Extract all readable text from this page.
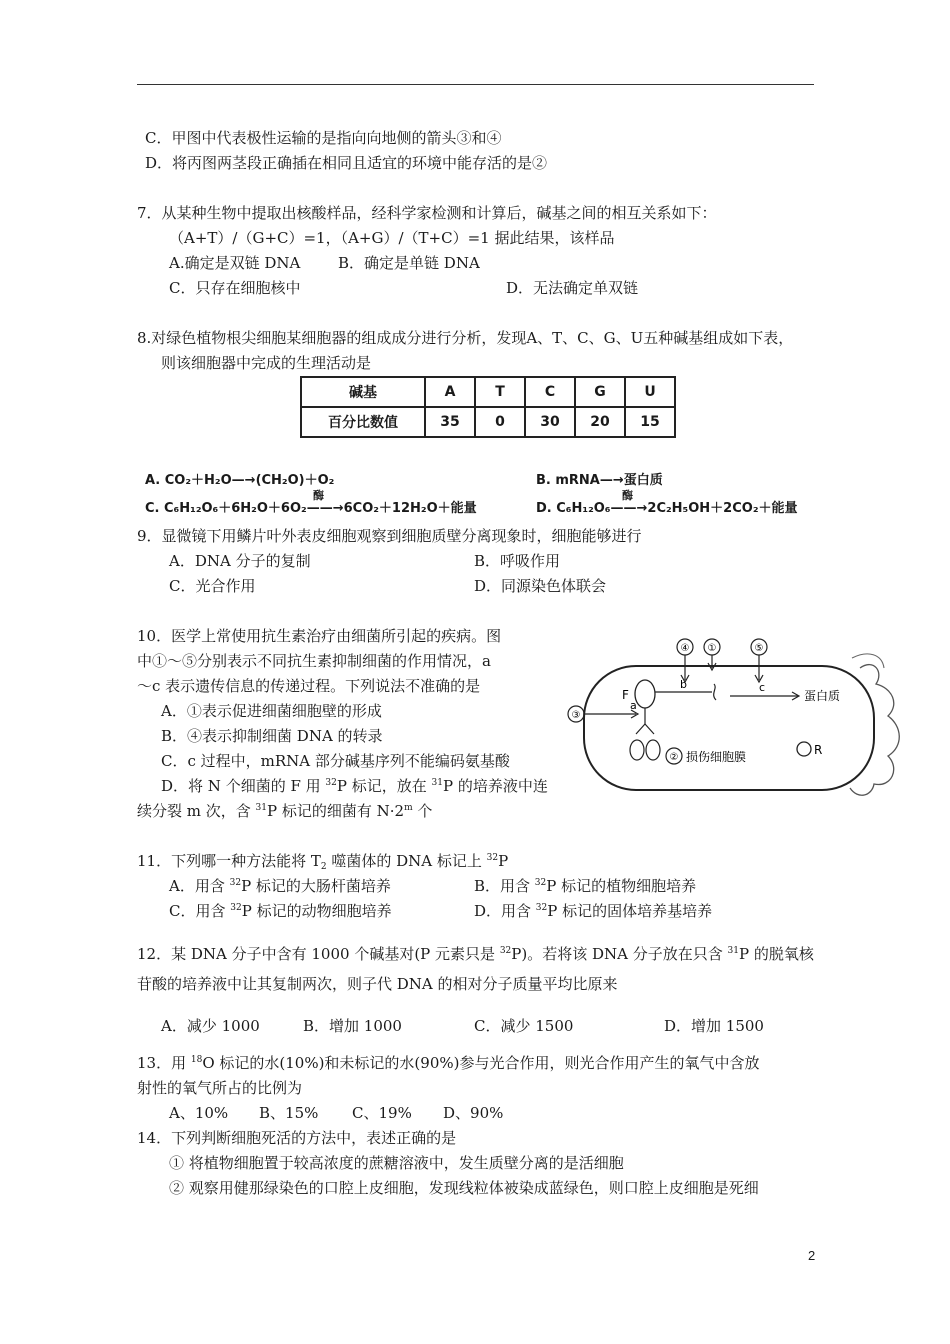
C．甲图中代表极性运输的是指向向地侧的箭头③和④
D．将丙图两茎段正确插在相同且适宜的环境中能存活的是②
7．从某种生物中提取出核酸样品，经科学家检测和计算后，碱基之间的相互关系如下：
（A+T）/（G+C）=1，（A+G）/（T+C）=1 据此结果，该样品
A.确定是双链 DNA	B．确定是单链 DNA
C．只存在细胞核中	D．无法确定单双链
8.对绿色植物根尖细胞某细胞器的组成成分进行分析，发现A、T、C、G、U五种碱基组成如下表，
则该细胞器中完成的生理活动是
碱基	A	T	C	G	U
百分比数值	35	0	30	20	15
A. CO₂＋H₂O—→(CH₂O)＋O₂	B. mRNA—→蛋白质
酶
C. C₆H₁₂O₆＋6H₂O＋6O₂——→6CO₂＋12H₂O＋能量
酶
D. C₆H₁₂O₆——→2C₂H₅OH＋2CO₂＋能量
9．显微镜下用鳞片叶外表皮细胞观察到细胞质壁分离现象时，细胞能够进行
A．DNA 分子的复制	B．呼吸作用
C．光合作用	D．同源染色体联会
10．医学上常使用抗生素治疗由细菌所引起的疾病。图
中①～⑤分别表示不同抗生素抑制细菌的作用情况，a
～c 表示遗传信息的传递过程。下列说法不准确的是
A．①表示促进细菌细胞壁的形成
B．④表示抑制细菌 DNA 的转录
C．c 过程中，mRNA 部分碱基序列不能编码氨基酸
D．将 N 个细菌的 F 用 $^{32}$P 标记，放在 $^{31}$P 的培养液中连
续分裂 m 次，含 $^{31}$P 标记的细菌有 $N\cdot 2^m$ 个
④ ①	⑤
F
b	c
蛋白质
③
a
② 损伤细胞膜	R
11．下列哪一种方法能将 $T_2$ 噬菌体的 DNA 标记上 $^{32}$P
A．用含 $^{32}$P 标记的大肠杆菌培养	B．用含 $^{32}$P 标记的植物细胞培养
C．用含 $^{32}$P 标记的动物细胞培养	D．用含 $^{32}$P 标记的固体培养基培养
12．某 DNA 分子中含有 1000 个碱基对(P 元素只是 $^{32}$P)。若将该 DNA 分子放在只含 $^{31}$P 的脱氧核
苷酸的培养液中让其复制两次，则子代 DNA 的相对分子质量平均比原来
A．减少 1000	B．增加 1000	C．减少 1500	D．增加 1500
13．用 $^{18}$O 标记的水(10%)和未标记的水(90%)参与光合作用，则光合作用产生的氧气中含放
射性的氧气所占的比例为
A、10% B、15% C、19% D、90%
14．下列判断细胞死活的方法中，表述正确的是
① 将植物细胞置于较高浓度的蔗糖溶液中，发生质壁分离的是活细胞
② 观察用健那绿染色的口腔上皮细胞，发现线粒体被染成蓝绿色，则口腔上皮细胞是死细
2
